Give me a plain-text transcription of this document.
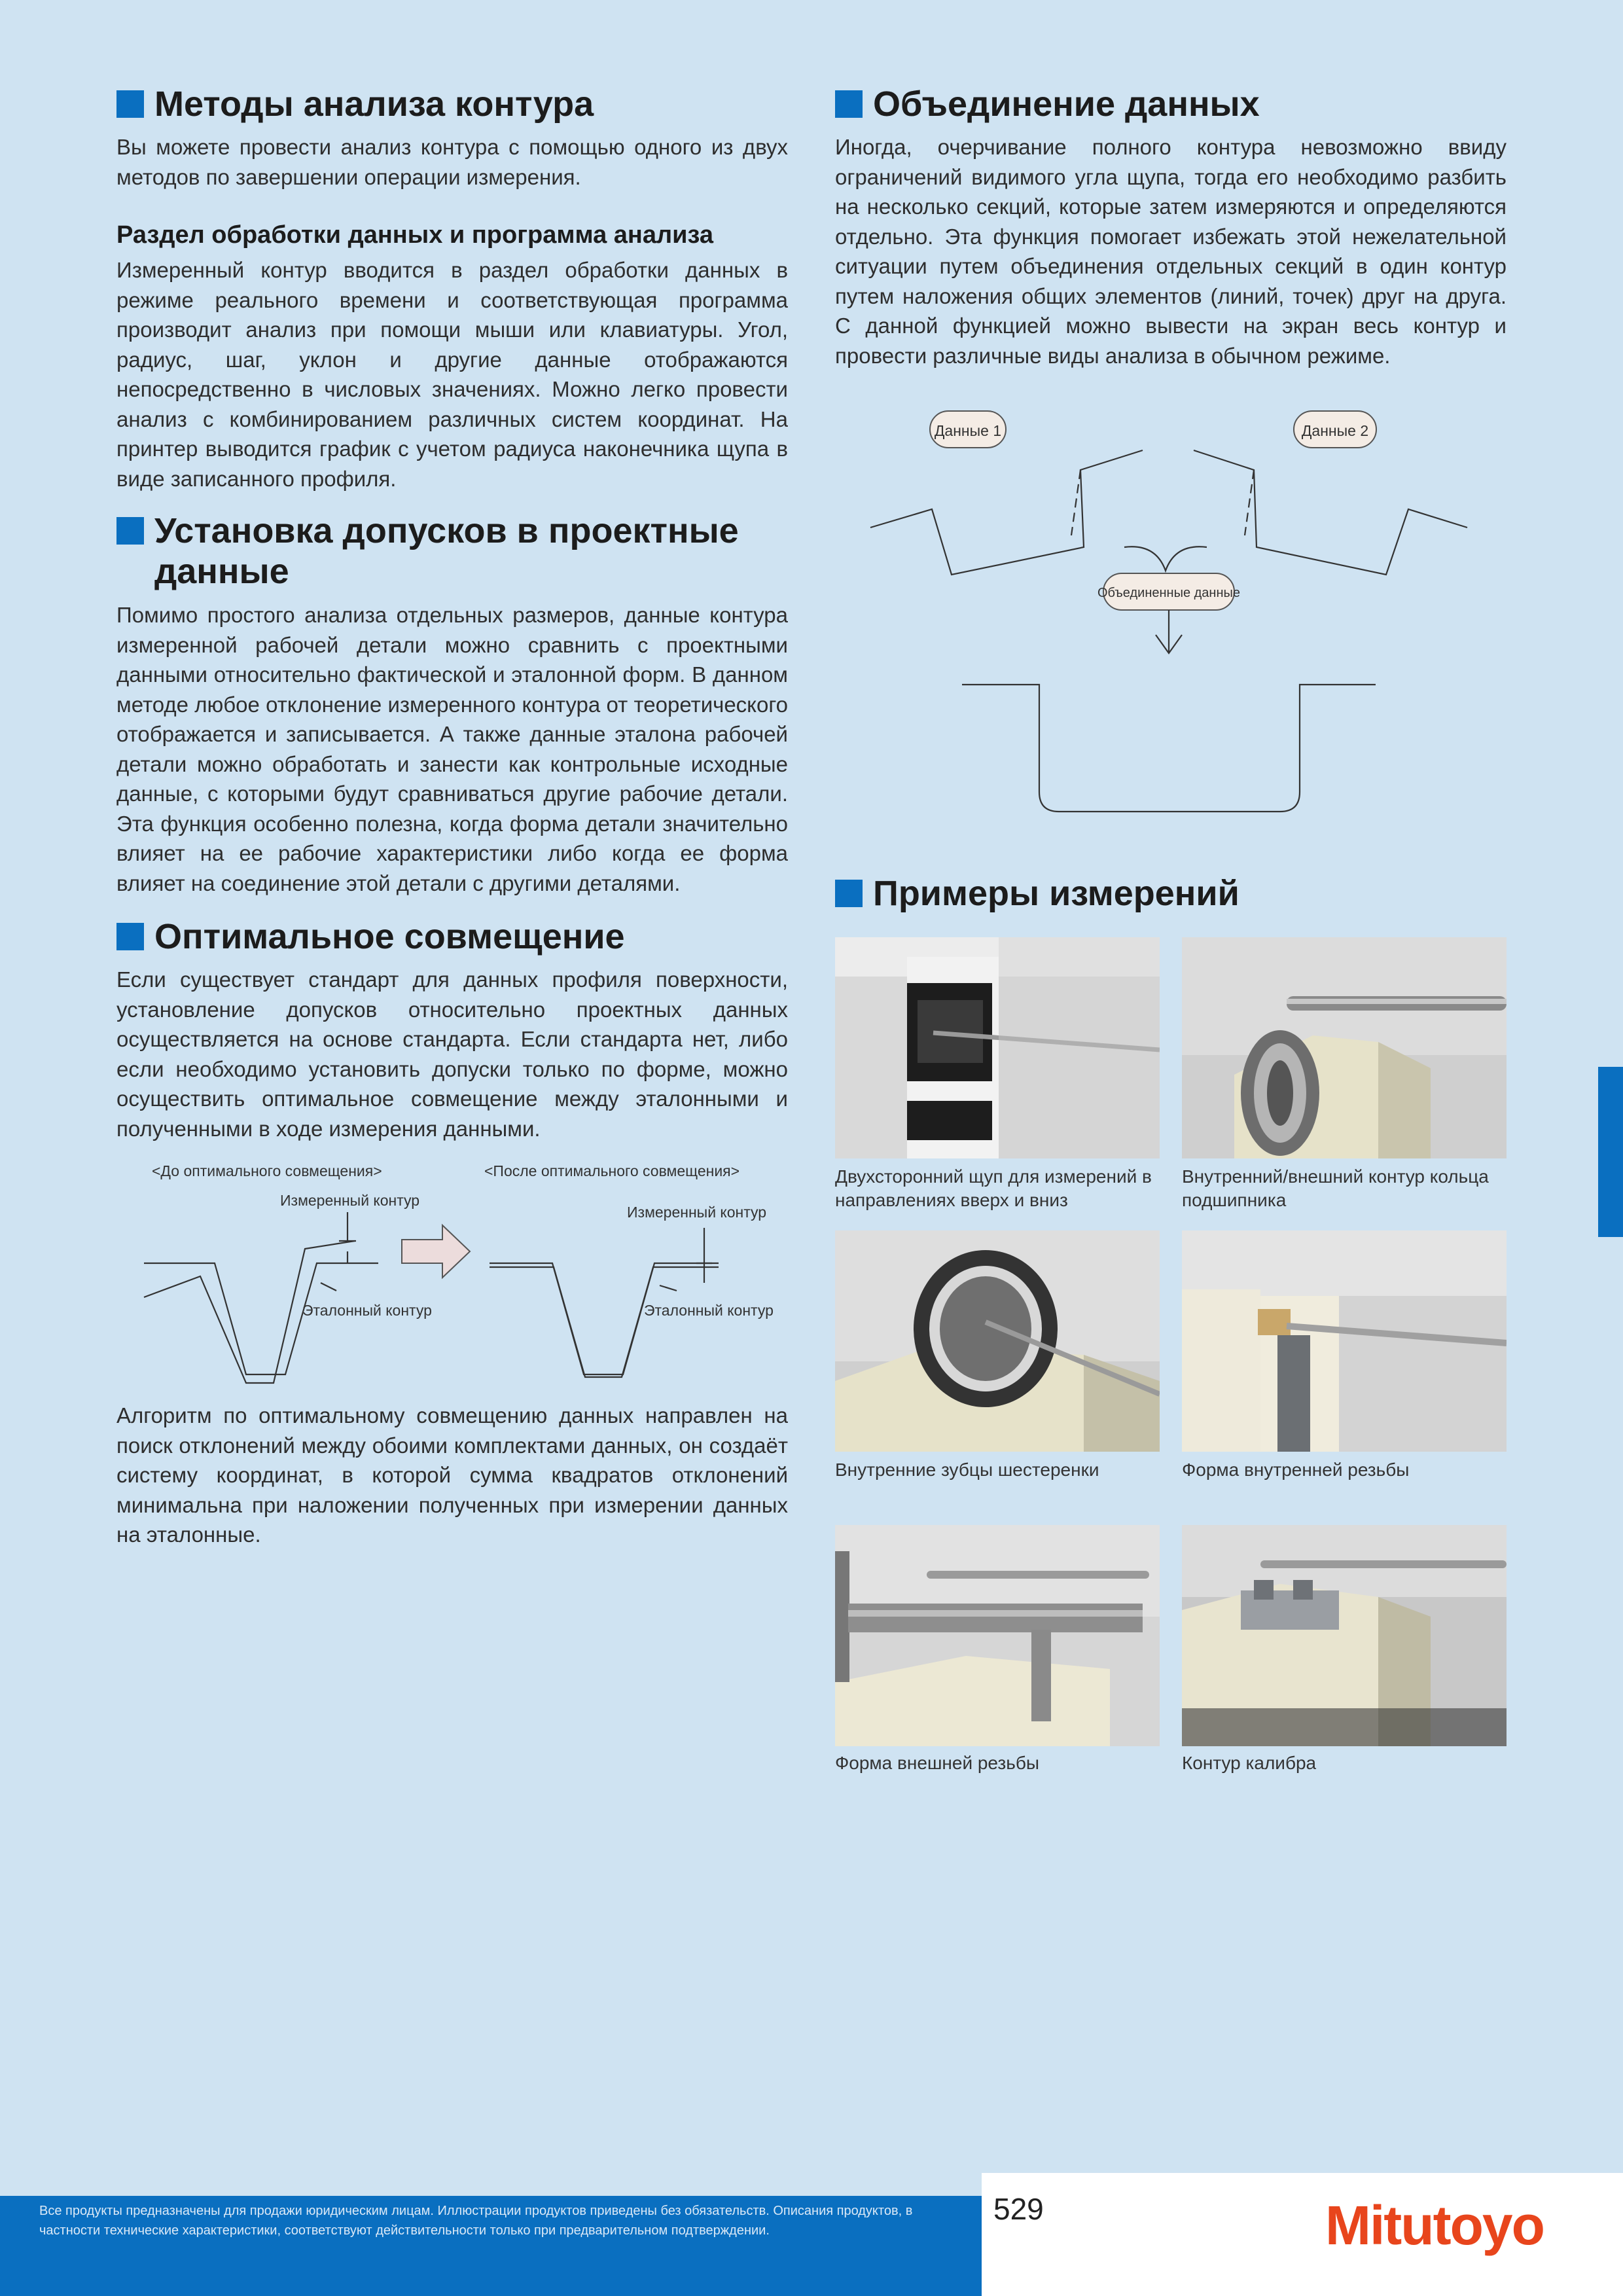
Методы анализа контура

Вы можете провести анализ контура с помощью одного из двух методов по завершении операции измерения.

Раздел обработки данных и программа анализа

Измеренный контур вводится в раздел обработки данных в режиме реального времени и соответствующая программа производит анализ при помощи мыши или клавиатуры. Угол, радиус, шаг, уклон и другие данные отображаются непосредственно в числовых значениях. Можно легко провести анализ с комбинированием различных систем координат. На принтер выводится график с учетом радиуса наконечника щупа в виде записанного профиля.

Установка допусков в проектные
данные

Помимо простого анализа отдельных размеров, данные контура измеренной рабочей детали можно сравнить с проектными данными относительно фактической и эталонной форм. В данном методе любое отклонение измеренного контура от теоретического отображается и записывается. А также данные эталона рабочей детали можно обработать и занести как контрольные исходные данные, с которыми будут сравниваться другие рабочие детали. Эта функция особенно полезна, когда форма детали значительно влияет на ее рабочие характеристики либо когда ее форма влияет на соединение этой детали с другими деталями.

Оптимальное совмещение

Если существует стандарт для данных профиля поверхности, установление допусков относительно проектных данных осуществляется на основе стандарта. Если стандарта нет, либо если необходимо установить допуски только по форме, можно осуществить оптимальное совмещение между эталонными и полученными в ходе измерения данными.

<До оптимального совмещения>	<После оптимального совмещения>
Измеренный контур
Эталонный контур
Измеренный контур
Эталонный контур

Алгоритм по оптимальному совмещению данных направлен на поиск отклонений между обоими комплектами данных, он создаёт систему координат, в которой сумма квадратов отклонений минимальна при наложении полученных при измерении данных на эталонные.

Объединение данных

Иногда, очерчивание полного контура невозможно ввиду ограничений видимого угла щупа, тогда его необходимо разбить на несколько секций, которые затем измеряются и определяются отдельно. Эта функция помогает избежать этой нежелательной ситуации путем объединения отдельных секций в один контур путем наложения общих элементов (линий, точек) друг на друга. С данной функцией можно вывести на экран весь контур и провести различные виды анализа в обычном режиме.

Данные 1	Данные 2
Объединенные данные
Примеры измерений

Двухсторонний щуп для измерений в направлениях вверх и вниз

Внутренний/внешний контур кольца подшипника

Внутренние зубцы шестеренки	Форма внутренней резьбы

Форма внешней резьбы	Контур калибра

Все продукты предназначены для продажи юридическим лицам. Иллюстрации продуктов приведены без обязательств. Описания продуктов, в частности технические характеристики, соответствуют действительности только при предварительном подтверждении.

529	Mitutoyo
